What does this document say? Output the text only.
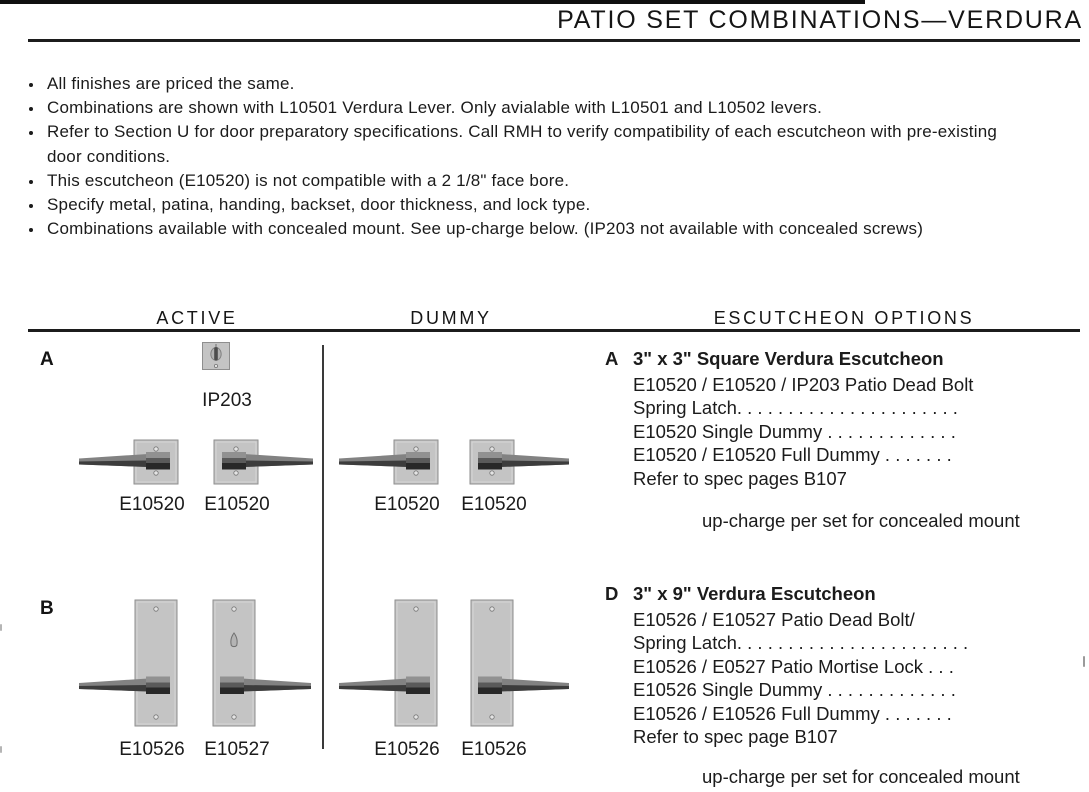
PATIO SET COMBINATIONS—VERDURA
• All finishes are priced the same.
• Combinations are shown with L10501 Verdura Lever. Only avialable with L10501 and L10502 levers.
• Refer to Section U for door preparatory specifications. Call RMH to verify compatibility of each escutcheon with pre-existing door conditions.
• This escutcheon (E10520) is not compatible with a 2 1/8" face bore.
• Specify metal, patina, handing, backset, door thickness, and lock type.
• Combinations available with concealed mount. See up-charge below. (IP203 not available with concealed screws)
ACTIVE	DUMMY	ESCUTCHEON OPTIONS
A
IP203
E10520	E10520	E10520	E10520
A 3" x 3" Square Verdura Escutcheon
E10520 / E10520 / IP203 Patio Dead Bolt
Spring Latch. . . . . . . . . . . . . . . . . . . . . .
E10520 Single Dummy . . . . . . . . . . . . .
E10520 / E10520 Full Dummy . . . . . . .
Refer to spec pages B107
up-charge per set for concealed mount
B
E10526	E10527	E10526	E10526
D 3" x 9" Verdura Escutcheon
E10526 / E10527 Patio Dead Bolt/
Spring Latch. . . . . . . . . . . . . . . . . . . . . . .
E10526 / E0527 Patio Mortise Lock . . .
E10526 Single Dummy . . . . . . . . . . . . .
E10526 / E10526 Full Dummy . . . . . . .
Refer to spec page B107
up-charge per set for concealed mount
